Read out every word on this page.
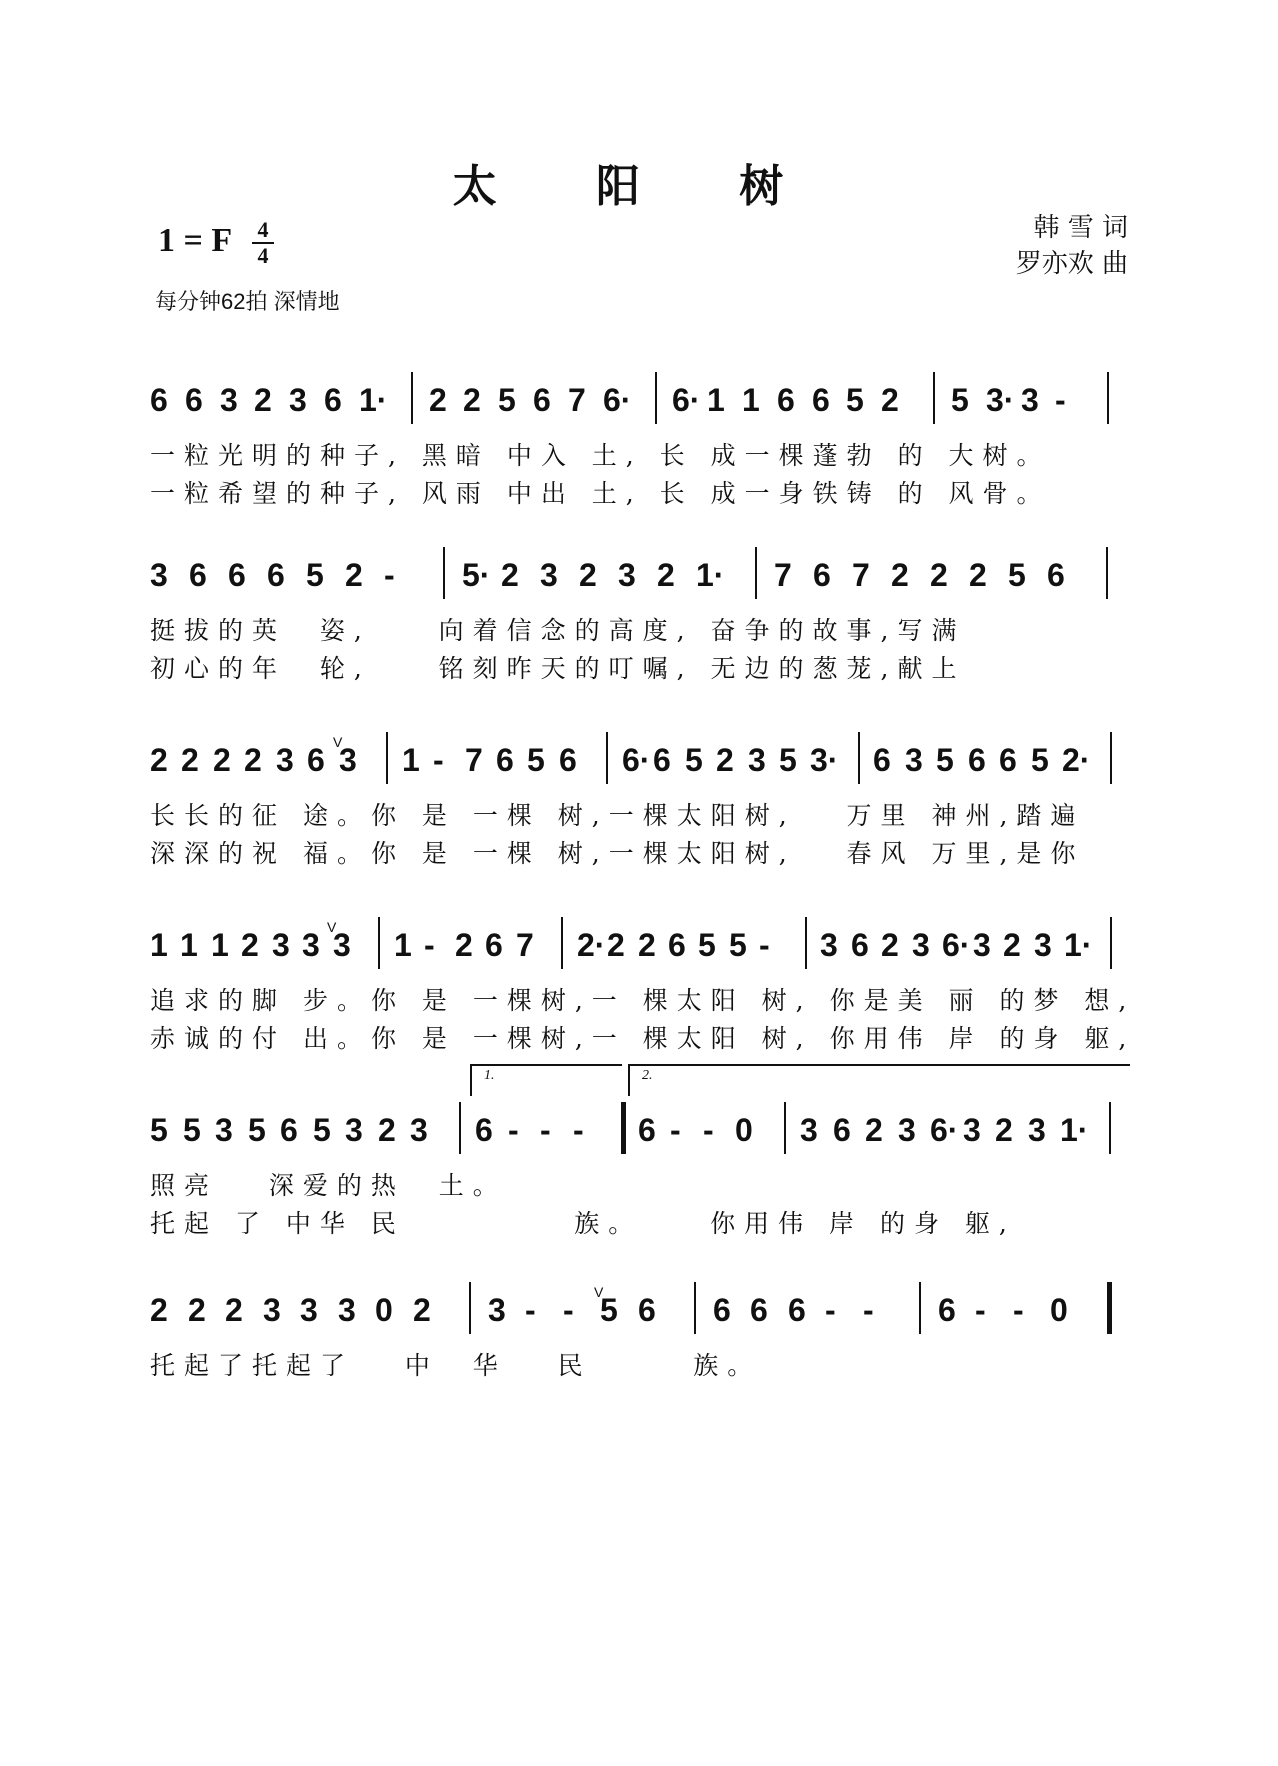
太 阳 树
1 = F 4
4
每分钟62拍 深情地
韩 雪 词
罗亦欢 曲
6 6 3 2 3 6 1· 2 2 5 6 7 6· 6· 1 1 6 6 5 2 5 3· 3 -
一粒光明的种子, 黑暗 中入 土, 长 成一棵蓬勃 的 大树。
一粒希望的种子, 风雨 中出 土, 长 成一身铁铸 的 风骨。
3 6 6 6 5 2 - 5· 2 3 2 3 2 1· 7 6 7 2 2 2 5 6
挺拔的英  姿,    向着信念的高度, 奋争的故事,写满
初心的年  轮,    铭刻昨天的叮嘱, 无边的葱茏,献上
2 2 2 2 3 6 V
3 1 - 7 6 5 6 6· 6 5 2 3 5 3· 6 3 5 6 6 5 2·
长长的征 途。你 是 一棵 树,一棵太阳树,   万里 神州,踏遍
深深的祝 福。你 是 一棵 树,一棵太阳树,   春风 万里,是你
1 1 1 2 3 3 V
3 1 - 2 6 7 2· 2 2 6 5 5 - 3 6 2 3 6· 3 2 3 1·
追求的脚 步。你 是 一棵树,一 棵太阳 树, 你是美 丽 的梦 想,
赤诚的付 出。你 是 一棵树,一 棵太阳 树, 你用伟 岸 的身 躯,
1.	2.
5 5 3 5 6 5 3 2 3 6 - - - 6 - - 0 3 6 2 3 6· 3 2 3 1·
照亮   深爱的热  土。
托起 了 中华 民          族。    你用伟 岸 的身 躯,
2 2 2 3 3 3 0 2 3 - - V
5 6 6 6 6 - - 6 - - 0
托起了托起了   中  华   民      族。
